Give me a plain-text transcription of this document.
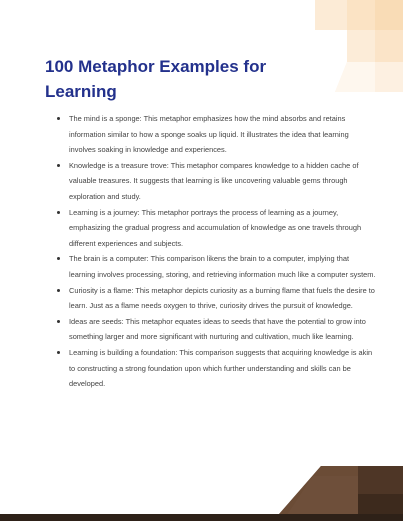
100 Metaphor Examples for Learning
• The mind is a sponge: This metaphor emphasizes how the mind absorbs and retains information similar to how a sponge soaks up liquid. It illustrates the idea that learning involves soaking in knowledge and experiences.
• Knowledge is a treasure trove: This metaphor compares knowledge to a hidden cache of valuable treasures. It suggests that learning is like uncovering valuable gems through exploration and study.
• Learning is a journey: This metaphor portrays the process of learning as a journey, emphasizing the gradual progress and accumulation of knowledge as one travels through different experiences and subjects.
• The brain is a computer: This comparison likens the brain to a computer, implying that learning involves processing, storing, and retrieving information much like a computer system.
• Curiosity is a flame: This metaphor depicts curiosity as a burning flame that fuels the desire to learn. Just as a flame needs oxygen to thrive, curiosity drives the pursuit of knowledge.
• Ideas are seeds: This metaphor equates ideas to seeds that have the potential to grow into something larger and more significant with nurturing and cultivation, much like learning.
• Learning is building a foundation: This comparison suggests that acquiring knowledge is akin to constructing a strong foundation upon which further understanding and skills can be developed.
